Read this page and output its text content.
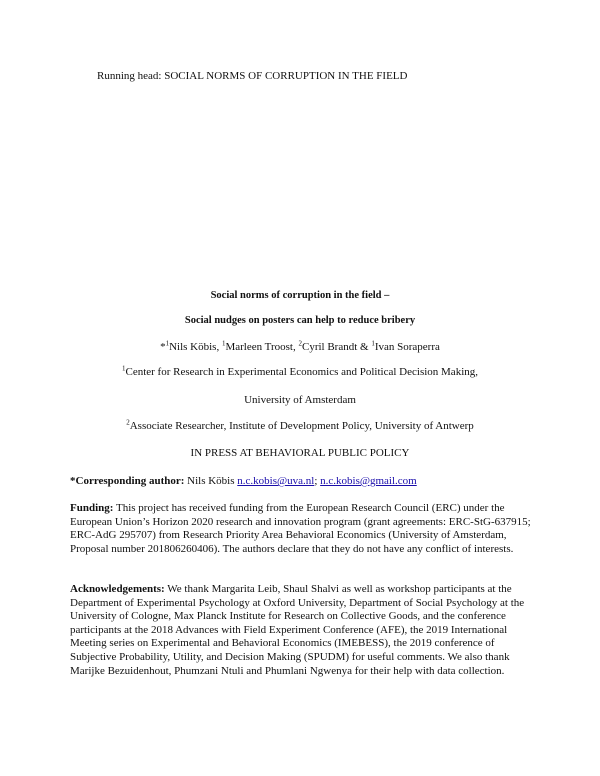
Running head: SOCIAL NORMS OF CORRUPTION IN THE FIELD
Social norms of corruption in the field –
Social nudges on posters can help to reduce bribery
*$^1$Nils Köbis, $^1$Marleen Troost, $^2$Cyril Brandt & $^1$Ivan Soraperra
$^1$Center for Research in Experimental Economics and Political Decision Making,
University of Amsterdam
$^2$Associate Researcher, Institute of Development Policy, University of Antwerp
IN PRESS AT BEHAVIORAL PUBLIC POLICY
*Corresponding author: Nils Köbis n.c.kobis@uva.nl; n.c.kobis@gmail.com
Funding: This project has received funding from the European Research Council (ERC) under the European Union’s Horizon 2020 research and innovation program (grant agreements: ERC-StG-637915; ERC-AdG 295707) from Research Priority Area Behavioral Economics (University of Amsterdam, Proposal number 201806260406). The authors declare that they do not have any conflict of interests.
Acknowledgements: We thank Margarita Leib, Shaul Shalvi as well as workshop participants at the Department of Experimental Psychology at Oxford University, Department of Social Psychology at the University of Cologne, Max Planck Institute for Research on Collective Goods, and the conference participants at the 2018 Advances with Field Experiment Conference (AFE), the 2019 International Meeting series on Experimental and Behavioral Economics (IMEBESS), the 2019 conference of Subjective Probability, Utility, and Decision Making (SPUDM) for useful comments. We also thank Marijke Bezuidenhout, Phumzani Ntuli and Phumlani Ngwenya for their help with data collection.
